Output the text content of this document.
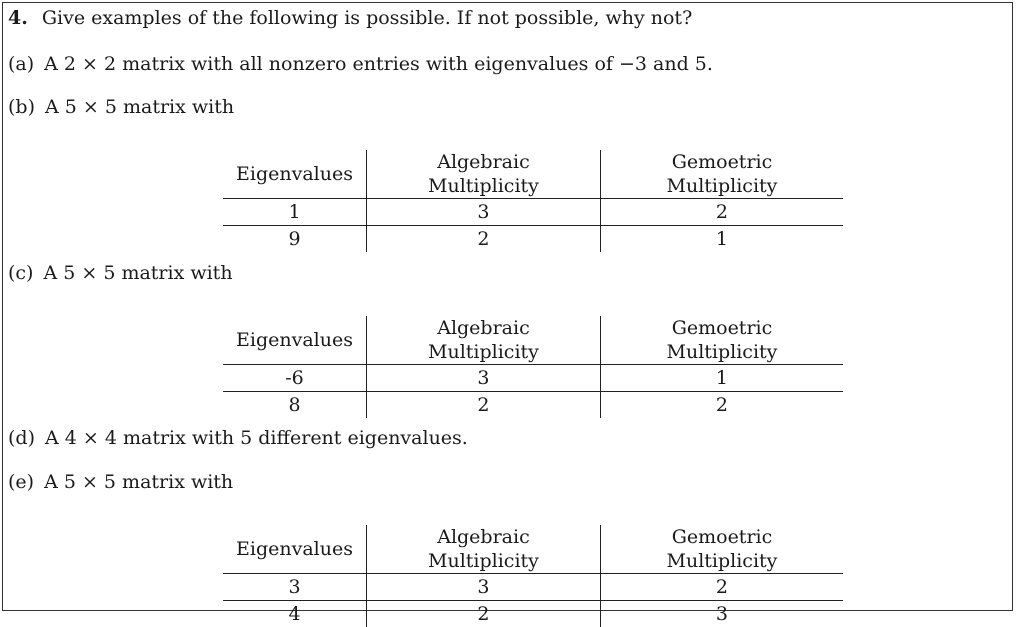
4. Give examples of the following is possible. If not possible, why not?
(a) A 2 × 2 matrix with all nonzero entries with eigenvalues of −3 and 5.
(b) A 5 × 5 matrix with
Eigenvalues	Algebraic Multiplicity	Gemoetric Multiplicity
1	3	2
9	2	1
(c) A 5 × 5 matrix with
Eigenvalues	Algebraic Multiplicity	Gemoetric Multiplicity
-6	3	1
8	2	2
(d) A 4 × 4 matrix with 5 different eigenvalues.
(e) A 5 × 5 matrix with
Eigenvalues	Algebraic Multiplicity	Gemoetric Multiplicity
3	3	2
4	2	3
